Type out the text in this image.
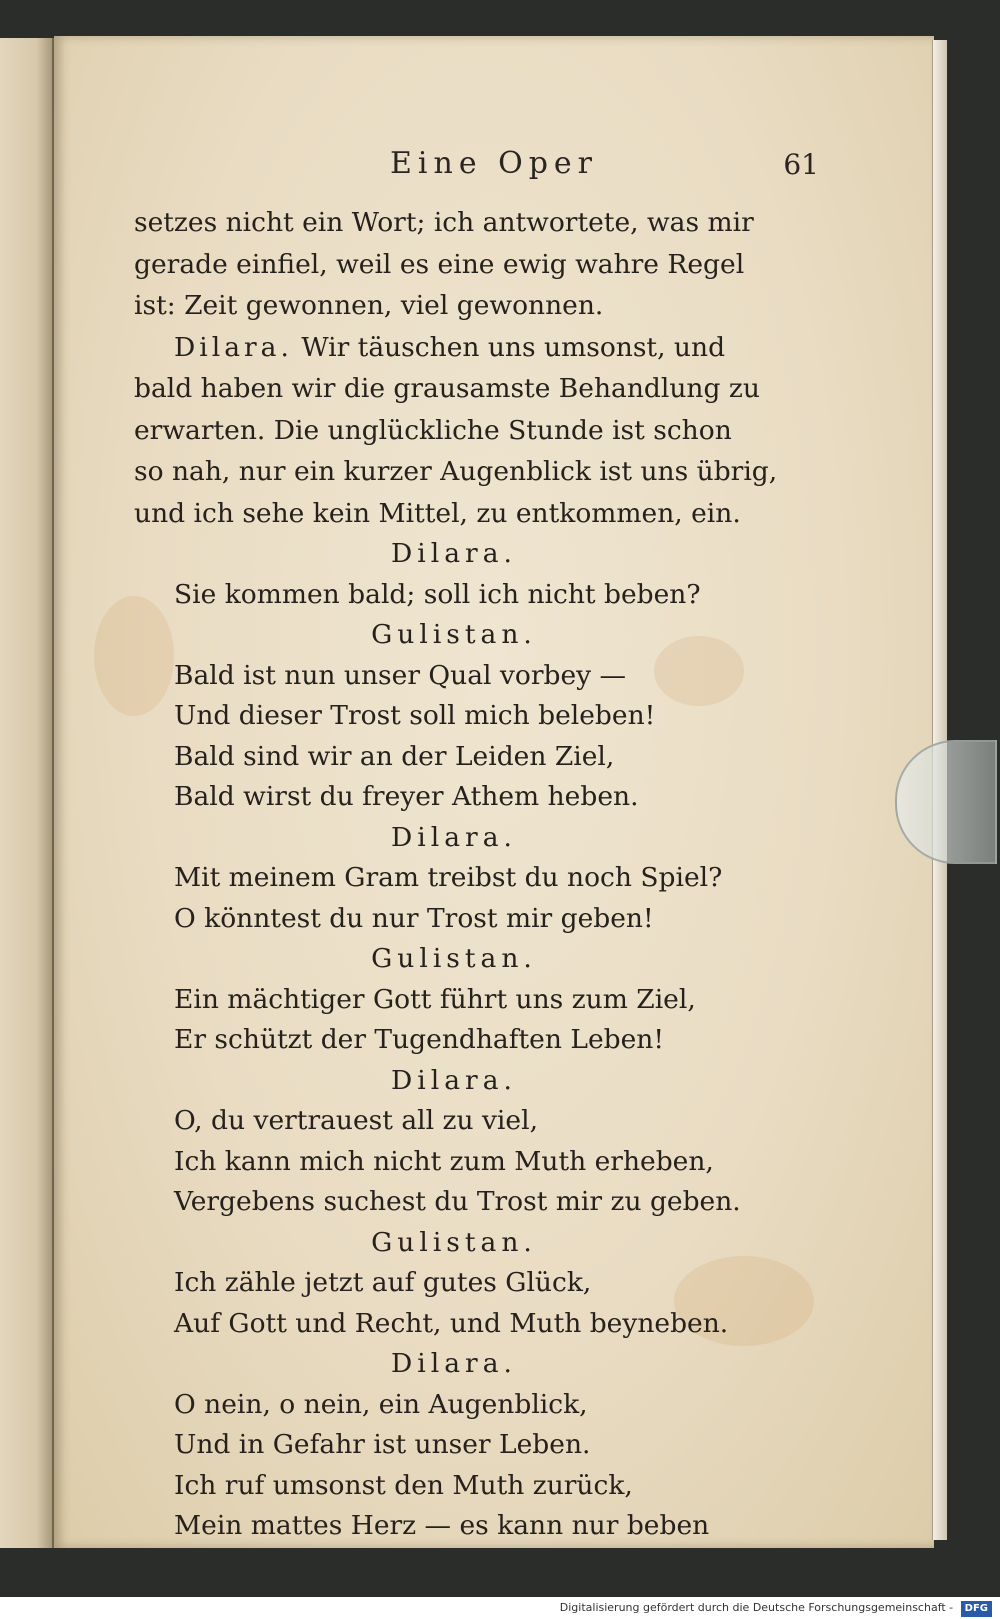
Eine Oper	61
setzes nicht ein Wort; ich antwortete, was mir
gerade einfiel, weil es eine ewig wahre Regel
ist: Zeit gewonnen, viel gewonnen.
Dilara. Wir täuschen uns umsonst, und
bald haben wir die grausamste Behandlung zu
erwarten. Die unglückliche Stunde ist schon
so nah, nur ein kurzer Augenblick ist uns übrig,
und ich sehe kein Mittel, zu entkommen, ein.
Dilara.
Sie kommen bald; soll ich nicht beben?
Gulistan.
Bald ist nun unser Qual vorbey —
Und dieser Trost soll mich beleben!
Bald sind wir an der Leiden Ziel,
Bald wirst du freyer Athem heben.
Dilara.
Mit meinem Gram treibst du noch Spiel?
O könntest du nur Trost mir geben!
Gulistan.
Ein mächtiger Gott führt uns zum Ziel,
Er schützt der Tugendhaften Leben!
Dilara.
O, du vertrauest all zu viel,
Ich kann mich nicht zum Muth erheben,
Vergebens suchest du Trost mir zu geben.
Gulistan.
Ich zähle jetzt auf gutes Glück,
Auf Gott und Recht, und Muth beyneben.
Dilara.
O nein, o nein, ein Augenblick,
Und in Gefahr ist unser Leben.
Ich ruf umsonst den Muth zurück,
Mein mattes Herz — es kann nur beben
Digitalisierung gefördert durch die Deutsche Forschungsgemeinschaft - DFG
